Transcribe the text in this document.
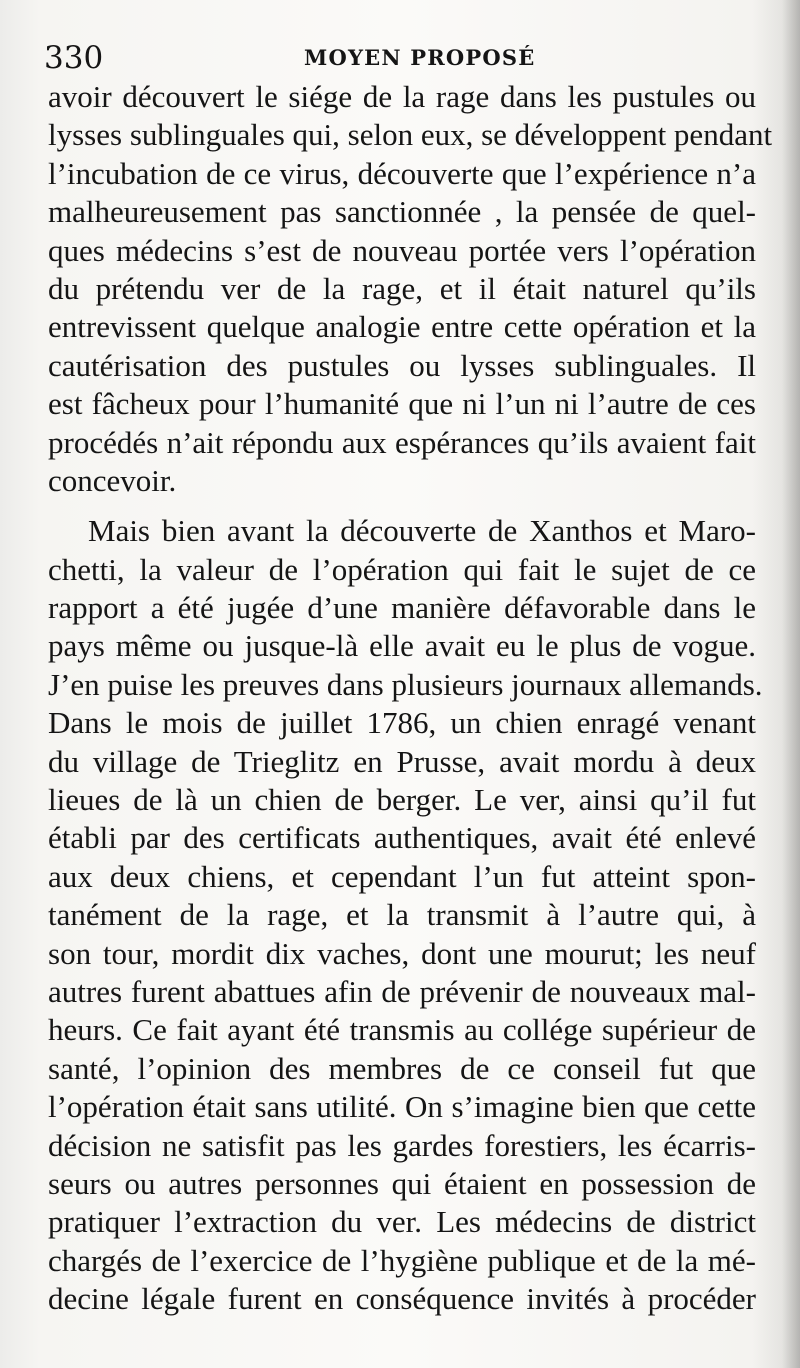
330	MOYEN PROPOSÉ
avoir découvert le siége de la rage dans les pustules ou
lysses sublinguales qui, selon eux, se développent pendant
l’incubation de ce virus, découverte que l’expérience n’a
malheureusement pas sanctionnée , la pensée de quel-
ques médecins s’est de nouveau portée vers l’opération
du prétendu ver de la rage, et il était naturel qu’ils
entrevissent quelque analogie entre cette opération et la
cautérisation des pustules ou lysses sublinguales. Il
est fâcheux pour l’humanité que ni l’un ni l’autre de ces
procédés n’ait répondu aux espérances qu’ils avaient fait
concevoir.
Mais bien avant la découverte de Xanthos et Maro-
chetti, la valeur de l’opération qui fait le sujet de ce
rapport a été jugée d’une manière défavorable dans le
pays même ou jusque-là elle avait eu le plus de vogue.
J’en puise les preuves dans plusieurs journaux allemands.
Dans le mois de juillet 1786, un chien enragé venant
du village de Trieglitz en Prusse, avait mordu à deux
lieues de là un chien de berger. Le ver, ainsi qu’il fut
établi par des certificats authentiques, avait été enlevé
aux deux chiens, et cependant l’un fut atteint spon-
tanément de la rage, et la transmit à l’autre qui, à
son tour, mordit dix vaches, dont une mourut; les neuf
autres furent abattues afin de prévenir de nouveaux mal-
heurs. Ce fait ayant été transmis au collége supérieur de
santé, l’opinion des membres de ce conseil fut que
l’opération était sans utilité. On s’imagine bien que cette
décision ne satisfit pas les gardes forestiers, les écarris-
seurs ou autres personnes qui étaient en possession de
pratiquer l’extraction du ver. Les médecins de district
chargés de l’exercice de l’hygiène publique et de la mé-
decine légale furent en conséquence invités à procéder
